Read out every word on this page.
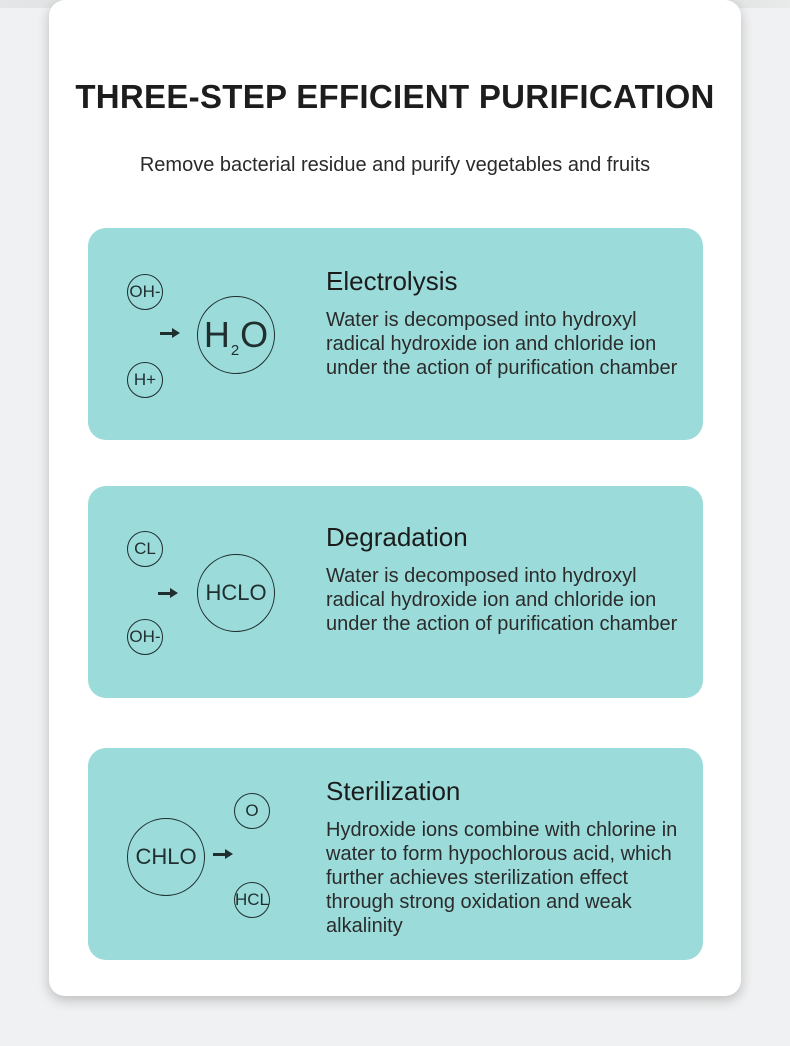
THREE-STEP EFFICIENT PURIFICATION

Remove bacterial residue and purify vegetables and fruits

OH-
H 2 O
H+
Electrolysis
Water is decomposed into hydroxyl radical hydroxide ion and chloride ion under the action of purification chamber
CL
HCLO
OH-
Degradation
Water is decomposed into hydroxyl radical hydroxide ion and chloride ion under the action of purification chamber
CHLO
O
HCL
Sterilization
Hydroxide ions combine with chlorine in water to form hypochlorous acid, which further achieves sterilization effect through strong oxidation and weak alkalinity
